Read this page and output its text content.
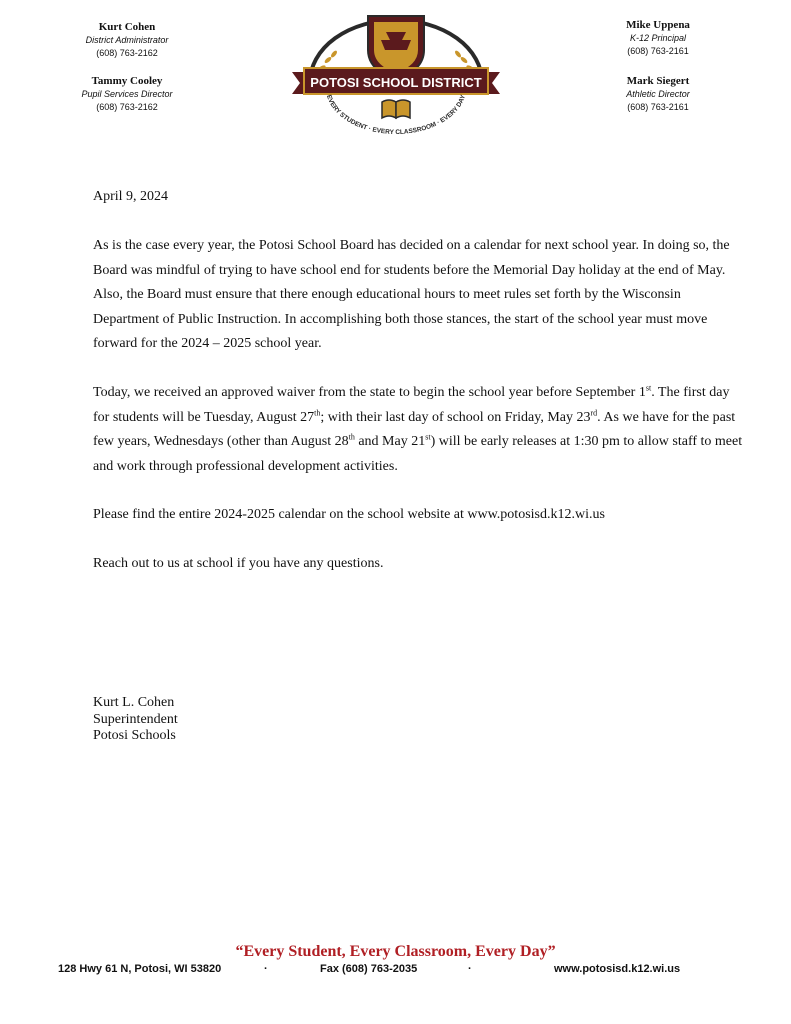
Kurt Cohen
District Administrator
(608) 763-2162
Tammy Cooley
Pupil Services Director
(608) 763-2162
Mike Uppena
K-12 Principal
(608) 763-2161
Mark Siegert
Athletic Director
(608) 763-2161
POTOSI SCHOOL DISTRICT
EVERY STUDENT · EVERY CLASSROOM · EVERY DAY

April 9, 2024

As is the case every year, the Potosi School Board has decided on a calendar for next school year. In doing so, the Board was mindful of trying to have school end for students before the Memorial Day holiday at the end of May. Also, the Board must ensure that there enough educational hours to meet rules set forth by the Wisconsin Department of Public Instruction. In accomplishing both those stances, the start of the school year must move forward for the 2024 – 2025 school year.

Today, we received an approved waiver from the state to begin the school year before September 1st. The first day for students will be Tuesday, August 27th; with their last day of school on Friday, May 23rd. As we have for the past few years, Wednesdays (other than August 28th and May 21st) will be early releases at 1:30 pm to allow staff to meet and work through professional development activities.

Please find the entire 2024-2025 calendar on the school website at www.potosisd.k12.wi.us

Reach out to us at school if you have any questions.

Kurt L. Cohen
Superintendent
Potosi Schools
“Every Student, Every Classroom, Every Day”
128 Hwy 61 N, Potosi, WI 53820	·	Fax (608) 763-2035	·	www.potosisd.k12.wi.us
